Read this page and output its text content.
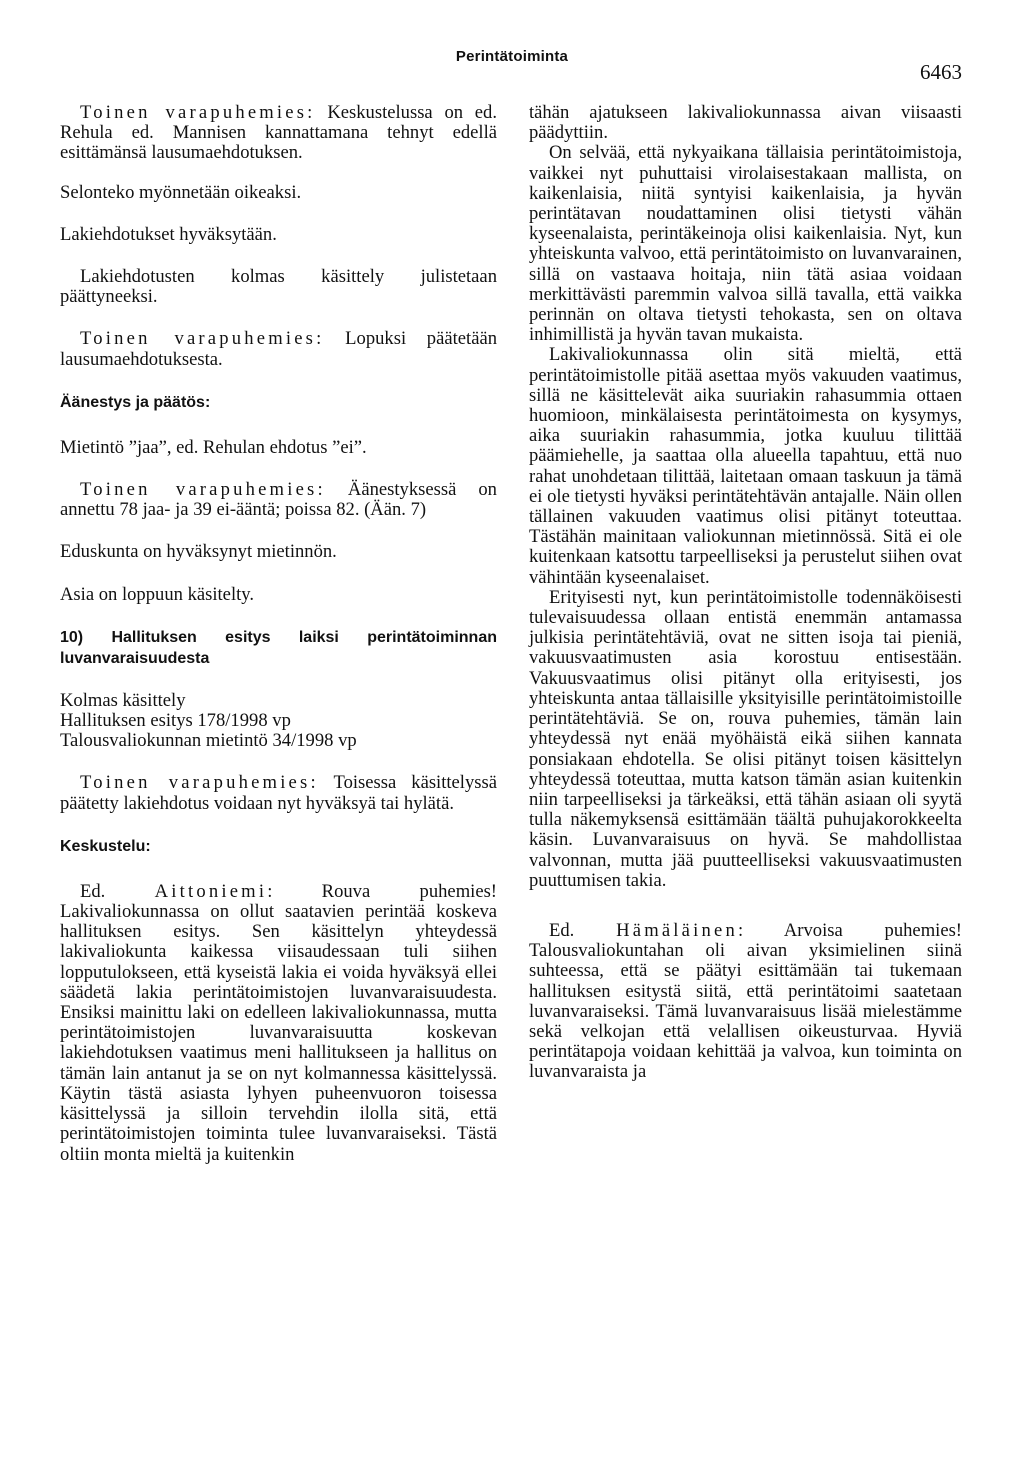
Perintätoiminta
6463

Toinen varapuhemies: Keskustelussa on ed. Rehula ed. Mannisen kannattamana tehnyt edellä esittämänsä lausumaehdotuksen.

Selonteko myönnetään oikeaksi.

Lakiehdotukset hyväksytään.

Lakiehdotusten kolmas käsittely julistetaan päättyneeksi.

Toinen varapuhemies: Lopuksi päätetään lausumaehdotuksesta.

Äänestys ja päätös:

Mietintö ”jaa”, ed. Rehulan ehdotus ”ei”.

Toinen varapuhemies: Äänestyksessä on annettu 78 jaa- ja 39 ei-ääntä; poissa 82. (Ään. 7)

Eduskunta on hyväksynyt mietinnön.

Asia on loppuun käsitelty.

10) Hallituksen esitys laiksi perintätoiminnan luvanvaraisuudesta

Kolmas käsittely

Hallituksen esitys 178/1998 vp

Talousvaliokunnan mietintö 34/1998 vp

Toinen varapuhemies: Toisessa käsittelyssä päätetty lakiehdotus voidaan nyt hyväksyä tai hylätä.

Keskustelu:

Ed. Aittoniemi: Rouva puhemies! Lakivaliokunnassa on ollut saatavien perintää koskeva hallituksen esitys. Sen käsittelyn yhteydessä lakivaliokunta kaikessa viisaudessaan tuli siihen lopputulokseen, että kyseistä lakia ei voida hyväksyä ellei säädetä lakia perintätoimistojen luvanvaraisuudesta. Ensiksi mainittu laki on edelleen lakivaliokunnassa, mutta perintätoimistojen luvanvaraisuutta koskevan lakiehdotuksen vaatimus meni hallitukseen ja hallitus on tämän lain antanut ja se on nyt kolmannessa käsittelyssä. Käytin tästä asiasta lyhyen puheenvuoron toisessa käsittelyssä ja silloin tervehdin ilolla sitä, että perintätoimistojen toiminta tulee luvanvaraiseksi. Tästä oltiin monta mieltä ja kuitenkin

tähän ajatukseen lakivaliokunnassa aivan viisaasti päädyttiin.

On selvää, että nykyaikana tällaisia perintätoimistoja, vaikkei nyt puhuttaisi virolaisestakaan mallista, on kaikenlaisia, niitä syntyisi kaikenlaisia, ja hyvän perintätavan noudattaminen olisi tietysti vähän kyseenalaista, perintäkeinoja olisi kaikenlaisia. Nyt, kun yhteiskunta valvoo, että perintätoimisto on luvanvarainen, sillä on vastaava hoitaja, niin tätä asiaa voidaan merkittävästi paremmin valvoa sillä tavalla, että vaikka perinnän on oltava tietysti tehokasta, sen on oltava inhimillistä ja hyvän tavan mukaista.

Lakivaliokunnassa olin sitä mieltä, että perintätoimistolle pitää asettaa myös vakuuden vaatimus, sillä ne käsittelevät aika suuriakin rahasummia ottaen huomioon, minkälaisesta perintätoimesta on kysymys, aika suuriakin rahasummia, jotka kuuluu tilittää päämiehelle, ja saattaa olla alueella tapahtuu, että nuo rahat unohdetaan tilittää, laitetaan omaan taskuun ja tämä ei ole tietysti hyväksi perintätehtävän antajalle. Näin ollen tällainen vakuuden vaatimus olisi pitänyt toteuttaa. Tästähän mainitaan valiokunnan mietinnössä. Sitä ei ole kuitenkaan katsottu tarpeelliseksi ja perustelut siihen ovat vähintään kyseenalaiset.

Erityisesti nyt, kun perintätoimistolle todennäköisesti tulevaisuudessa ollaan entistä enemmän antamassa julkisia perintätehtäviä, ovat ne sitten isoja tai pieniä, vakuusvaatimusten asia korostuu entisestään. Vakuusvaatimus olisi pitänyt olla erityisesti, jos yhteiskunta antaa tällaisille yksityisille perintätoimistoille perintätehtäviä. Se on, rouva puhemies, tämän lain yhteydessä nyt enää myöhäistä eikä siihen kannata ponsiakaan ehdotella. Se olisi pitänyt toisen käsittelyn yhteydessä toteuttaa, mutta katson tämän asian kuitenkin niin tarpeelliseksi ja tärkeäksi, että tähän asiaan oli syytä tulla näkemyksensä esittämään täältä puhujakorokkeelta käsin. Luvanvaraisuus on hyvä. Se mahdollistaa valvonnan, mutta jää puutteelliseksi vakuusvaatimusten puuttumisen takia.

Ed. Hämäläinen: Arvoisa puhemies! Talousvaliokuntahan oli aivan yksimielinen siinä suhteessa, että se päätyi esittämään tai tukemaan hallituksen esitystä siitä, että perintätoimi saatetaan luvanvaraiseksi. Tämä luvanvaraisuus lisää mielestämme sekä velkojan että velallisen oikeusturvaa. Hyviä perintätapoja voidaan kehittää ja valvoa, kun toiminta on luvanvaraista ja
